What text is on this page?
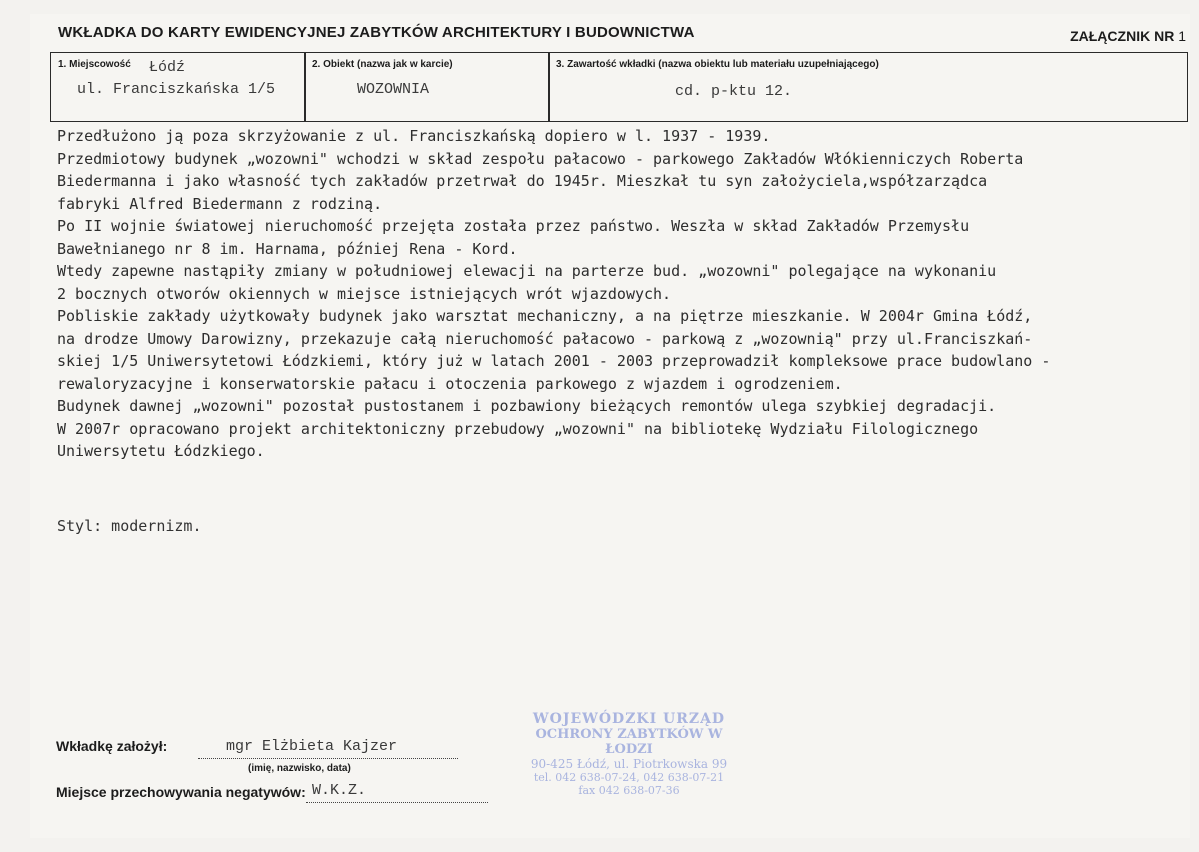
WKŁADKA DO KARTY EWIDENCYJNEJ ZABYTKÓW ARCHITEKTURY I BUDOWNICTWA	ZAŁĄCZNIK NR 1
1. Miejscowość Łódź
ul. Franciszkańska 1/5
2. Obiekt (nazwa jak w karcie)
WOZOWNIA
3. Zawartość wkładki (nazwa obiektu lub materiału uzupełniającego)
cd. p-ktu 12.
Przedłużono ją poza skrzyżowanie z ul. Franciszkańską dopiero w l. 1937 - 1939.
Przedmiotowy budynek „wozowni" wchodzi w skład zespołu pałacowo - parkowego Zakładów Włókienniczych Roberta
Biedermanna i jako własność tych zakładów przetrwał do 1945r. Mieszkał tu syn założyciela,współzarządca
fabryki Alfred Biedermann z rodziną.
Po II wojnie światowej nieruchomość przejęta została przez państwo. Weszła w skład Zakładów Przemysłu
Bawełnianego nr 8 im. Harnama, później Rena - Kord.
Wtedy zapewne nastąpiły zmiany w południowej elewacji na parterze bud. „wozowni" polegające na wykonaniu
2 bocznych otworów okiennych w miejsce istniejących wrót wjazdowych.
Pobliskie zakłady użytkowały budynek jako warsztat mechaniczny, a na piętrze mieszkanie. W 2004r Gmina Łódź,
na drodze Umowy Darowizny, przekazuje całą nieruchomość pałacowo - parkową z „wozownią" przy ul.Franciszkań-
skiej 1/5 Uniwersytetowi Łódzkiemi, który już w latach 2001 - 2003 przeprowadził kompleksowe prace budowlano -
rewaloryzacyjne i konserwatorskie pałacu i otoczenia parkowego z wjazdem i ogrodzeniem.
Budynek dawnej „wozowni" pozostał pustostanem i pozbawiony bieżących remontów ulega szybkiej degradacji.
W 2007r opracowano projekt architektoniczny przebudowy „wozowni" na bibliotekę Wydziału Filologicznego
Uniwersytetu Łódzkiego.
Styl: modernizm.
Wkładkę założył:	mgr Elżbieta Kajzer
(imię, nazwisko, data)
Miejsce przechowywania negatywów: W.K.Z.
WOJEWÓDZKI URZĄD
OCHRONY ZABYTKÓW W ŁODZI
90-425 Łódź, ul. Piotrkowska 99
tel. 042 638-07-24, 042 638-07-21
fax 042 638-07-36
